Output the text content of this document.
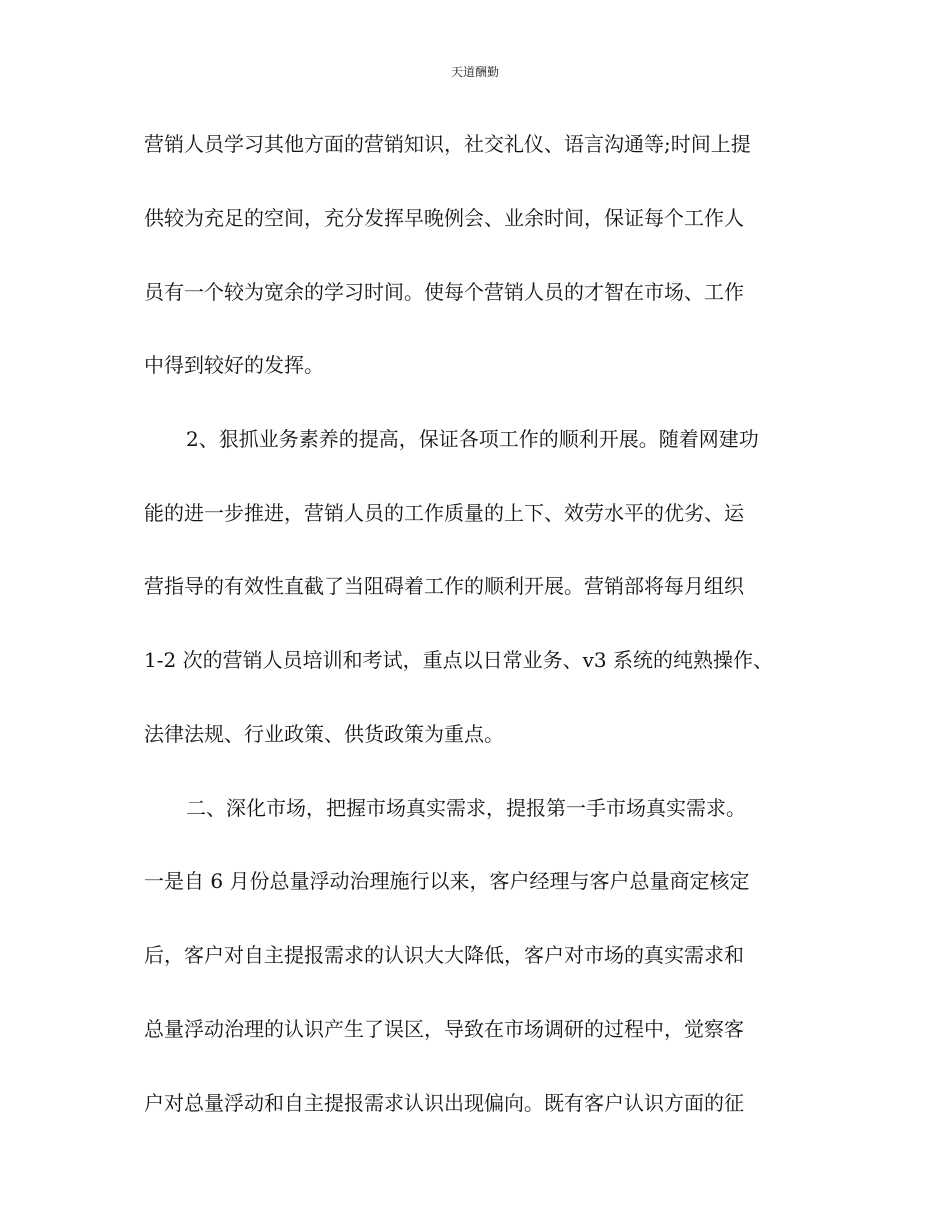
天道酬勤
营销人员学习其他方面的营销知识，社交礼仪、语言沟通等;时间上提
供较为充足的空间，充分发挥早晚例会、业余时间，保证每个工作人
员有一个较为宽余的学习时间。使每个营销人员的才智在市场、工作
中得到较好的发挥。
2、狠抓业务素养的提高，保证各项工作的顺利开展。随着网建功
能的进一步推进，营销人员的工作质量的上下、效劳水平的优劣、运
营指导的有效性直截了当阻碍着工作的顺利开展。营销部将每月组织
1-2 次的营销人员培训和考试，重点以日常业务、v3 系统的纯熟操作、
法律法规、行业政策、供货政策为重点。
二、深化市场，把握市场真实需求，提报第一手市场真实需求。
一是自 6 月份总量浮动治理施行以来，客户经理与客户总量商定核定
后，客户对自主提报需求的认识大大降低，客户对市场的真实需求和
总量浮动治理的认识产生了误区，导致在市场调研的过程中，觉察客
户对总量浮动和自主提报需求认识出现偏向。既有客户认识方面的征
